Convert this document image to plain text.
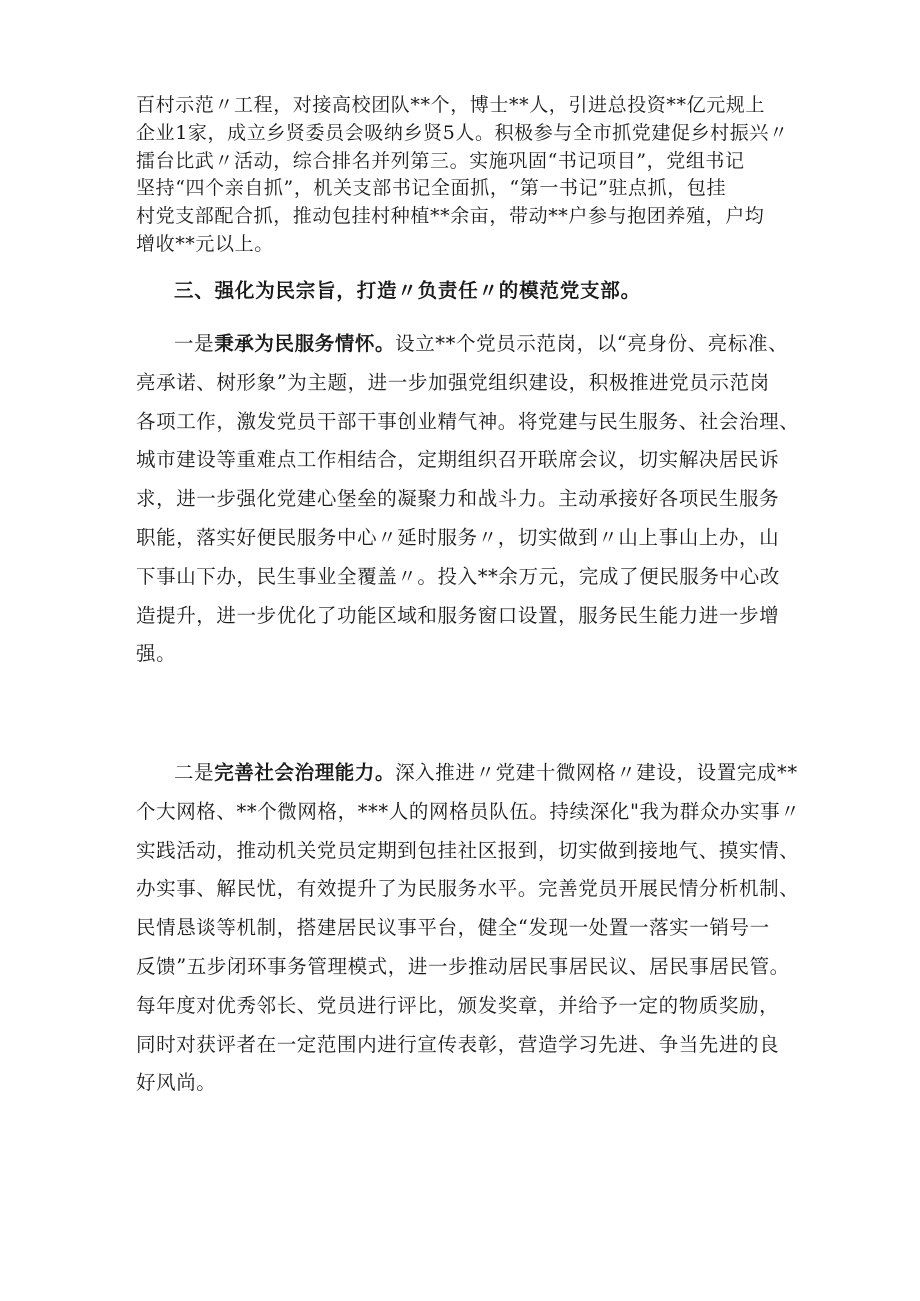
百村示范〃工程，对接高校团队**个，博士**人，引进总投资**亿元规上
企业1家，成立乡贤委员会吸纳乡贤5人。积极参与全市抓党建促乡村振兴〃
擂台比武〃活动，综合排名并列第三。实施巩固“书记项目”，党组书记
坚持“四个亲自抓”，机关支部书记全面抓，“第一书记”驻点抓，包挂
村党支部配合抓，推动包挂村种植**余亩，带动**户参与抱团养殖，户均
增收**元以上。
三、强化为民宗旨，打造〃负责任〃的模范党支部。
一是秉承为民服务情怀。设立**个党员示范岗，以“亮身份、亮标准、
亮承诺、树形象”为主题，进一步加强党组织建设，积极推进党员示范岗
各项工作，激发党员干部干事创业精气神。将党建与民生服务、社会治理、
城市建设等重难点工作相结合，定期组织召开联席会议，切实解决居民诉
求，进一步强化党建心堡垒的凝聚力和战斗力。主动承接好各项民生服务
职能，落实好便民服务中心〃延时服务〃，切实做到〃山上事山上办，山
下事山下办，民生事业全覆盖〃。投入**余万元，完成了便民服务中心改
造提升，进一步优化了功能区域和服务窗口设置，服务民生能力进一步增
强。
二是完善社会治理能力。深入推进〃党建十微网格〃建设，设置完成**
个大网格、**个微网格，***人的网格员队伍。持续深化"我为群众办实事〃
实践活动，推动机关党员定期到包挂社区报到，切实做到接地气、摸实情、
办实事、解民忧，有效提升了为民服务水平。完善党员开展民情分析机制、
民情恳谈等机制，搭建居民议事平台，健全“发现一处置一落实一销号一
反馈”五步闭环事务管理模式，进一步推动居民事居民议、居民事居民管。
每年度对优秀邻长、党员进行评比，颁发奖章，并给予一定的物质奖励，
同时对获评者在一定范围内进行宣传表彰，营造学习先进、争当先进的良
好风尚。
